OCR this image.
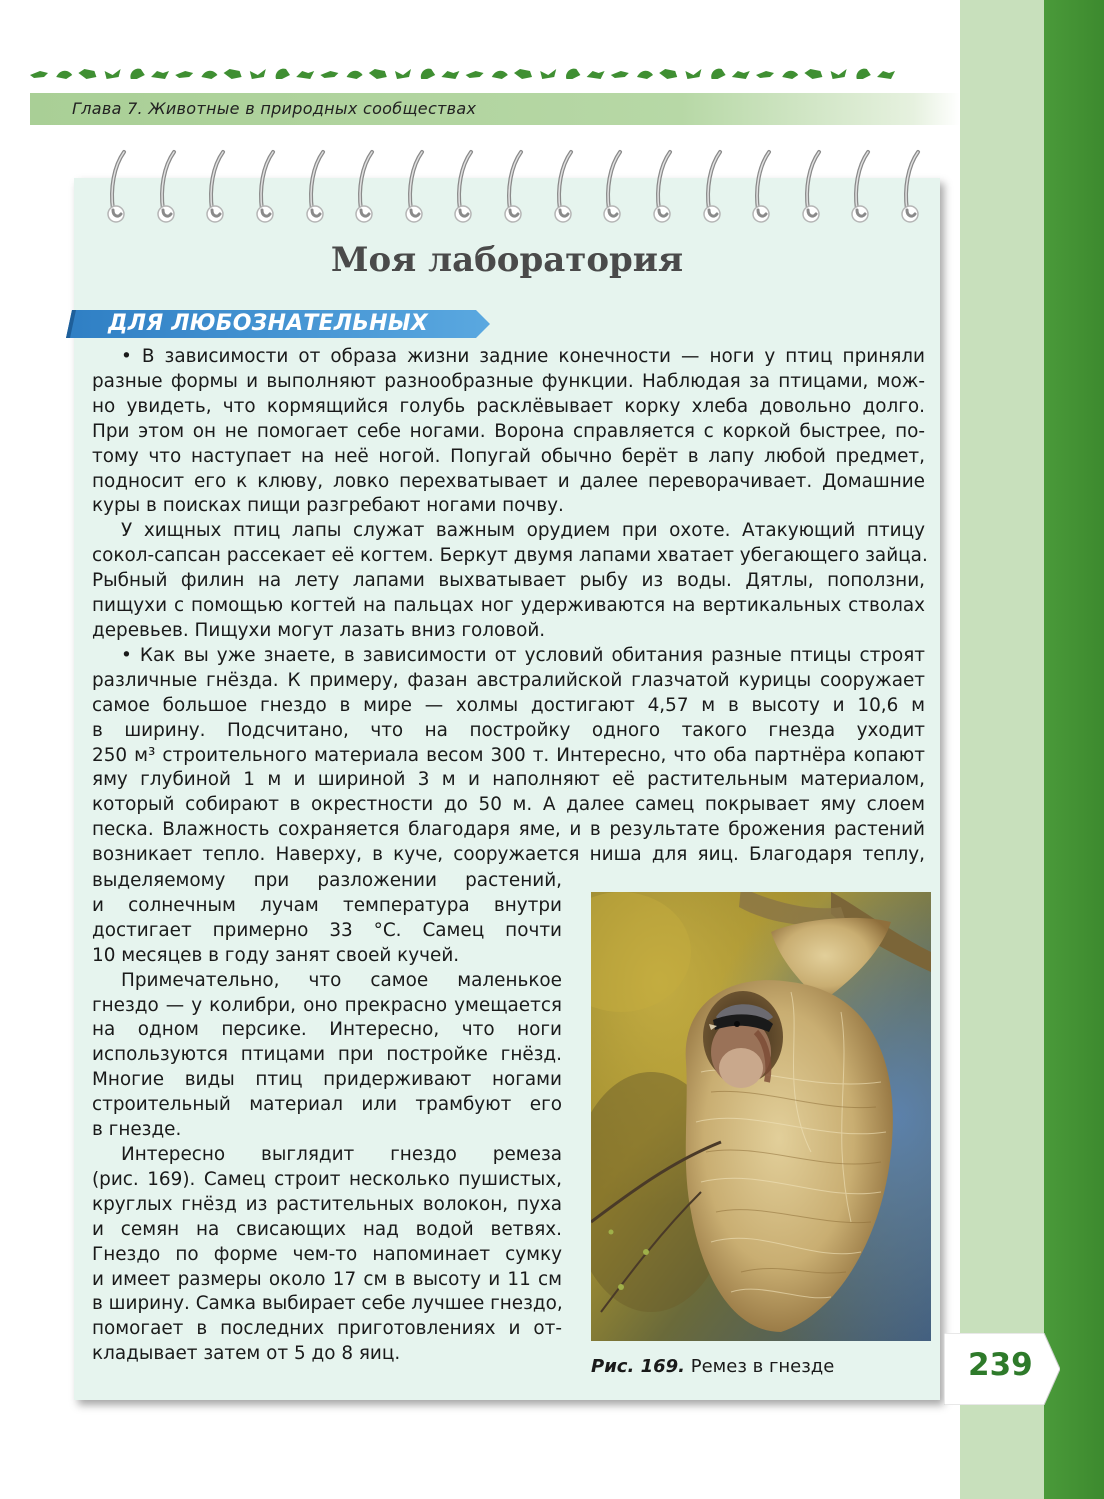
Глава 7. Животные в природных сообществах
Моя лаборатория
ДЛЯ ЛЮБОЗНАТЕЛЬНЫХ
• В зависимости от образа жизни задние конечности — ноги у птиц приняли
разные формы и выполняют разнообразные функции. Наблюдая за птицами, мож-
но увидеть, что кормящийся голубь расклёвывает корку хлеба довольно долго.
При этом он не помогает себе ногами. Ворона справляется с коркой быстрее, по-
тому что наступает на неё ногой. Попугай обычно берёт в лапу любой предмет,
подносит его к клюву, ловко перехватывает и далее переворачивает. Домашние
куры в поисках пищи разгребают ногами почву.
У хищных птиц лапы служат важным орудием при охоте. Атакующий птицу
сокол-сапсан рассекает её когтем. Беркут двумя лапами хватает убегающего зайца.
Рыбный филин на лету лапами выхватывает рыбу из воды. Дятлы, поползни,
пищухи с помощью когтей на пальцах ног удерживаются на вертикальных стволах
деревьев. Пищухи могут лазать вниз головой.
• Как вы уже знаете, в зависимости от условий обитания разные птицы строят
различные гнёзда. К примеру, фазан австралийской глазчатой курицы сооружает
самое большое гнездо в мире — холмы достигают 4,57 м в высоту и 10,6 м
в ширину. Подсчитано, что на постройку одного такого гнезда уходит
250 м³ строительного материала весом 300 т. Интересно, что оба партнёра копают
яму глубиной 1 м и шириной 3 м и наполняют её растительным материалом,
который собирают в окрестности до 50 м. А далее самец покрывает яму слоем
песка. Влажность сохраняется благодаря яме, и в результате брожения растений
возникает тепло. Наверху, в куче, сооружается ниша для яиц. Благодаря теплу,
выделяемому при разложении растений,
и солнечным лучам температура внутри
достигает примерно 33 °С. Самец почти
10 месяцев в году занят своей кучей.
Примечательно, что самое маленькое
гнездо — у колибри, оно прекрасно умещается
на одном персике. Интересно, что ноги
используются птицами при постройке гнёзд.
Многие виды птиц придерживают ногами
строительный материал или трамбуют его
в гнезде.
Интересно выглядит гнездо ремеза
(рис. 169). Самец строит несколько пушистых,
круглых гнёзд из растительных волокон, пуха
и семян на свисающих над водой ветвях.
Гнездо по форме чем-то напоминает сумку
и имеет размеры около 17 см в высоту и 11 см
в ширину. Самка выбирает себе лучшее гнездо,
помогает в последних приготовлениях и от-
кладывает затем от 5 до 8 яиц.
Рис. 169. Ремез в гнезде	239
